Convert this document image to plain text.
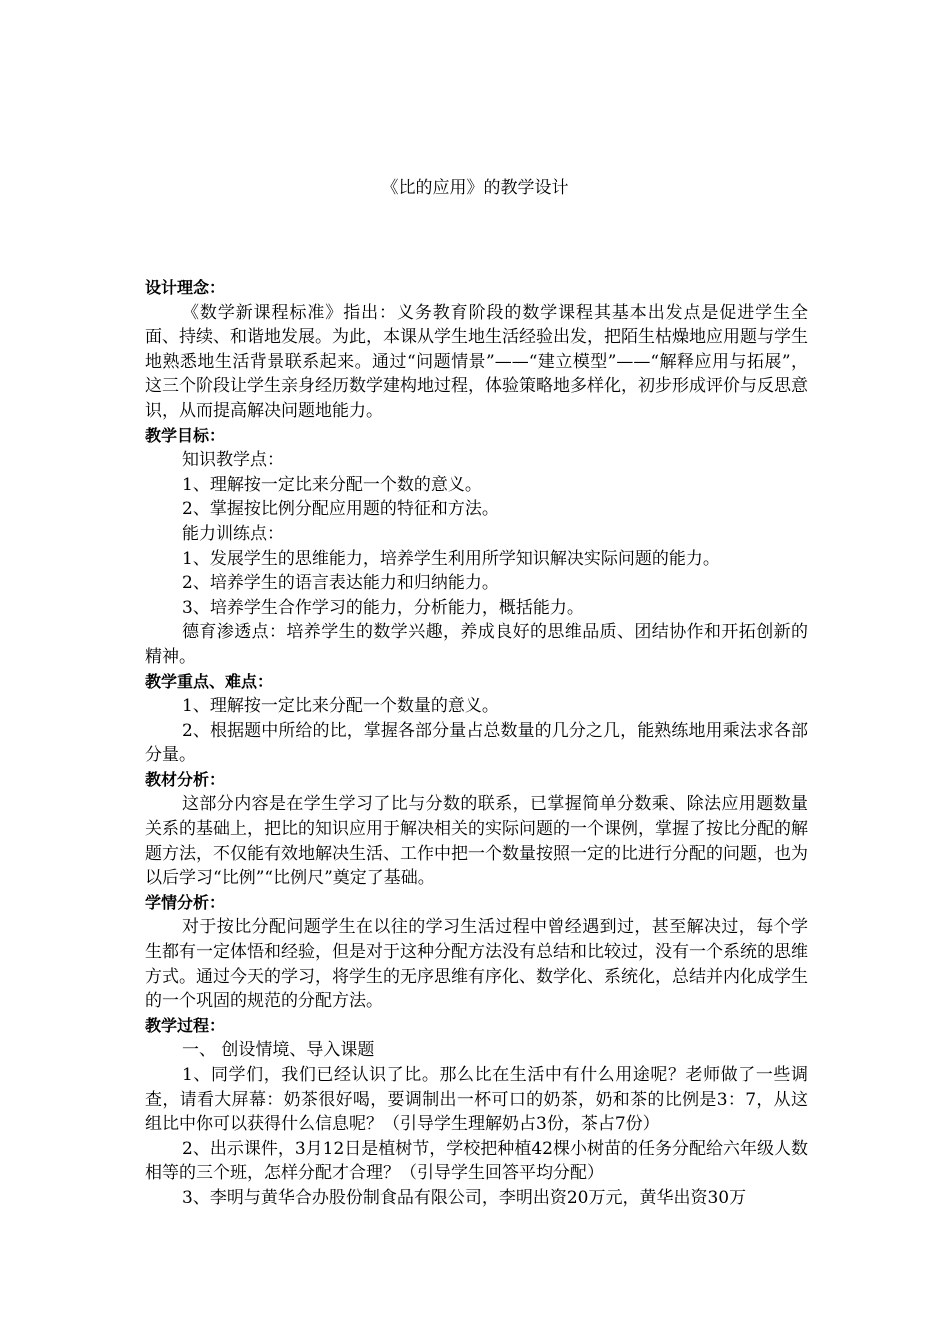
《比的应用》的教学设计

设计理念：

《数学新课程标准》指出：义务教育阶段的数学课程其基本出发点是促进学生全面、持续、和谐地发展。为此，本课从学生地生活经验出发，把陌生枯燥地应用题与学生地熟悉地生活背景联系起来。通过“问题情景”——“建立模型”——“解释应用与拓展”，这三个阶段让学生亲身经历数学建构地过程，体验策略地多样化，初步形成评价与反思意识，从而提高解决问题地能力。

教学目标：

知识教学点：

1、理解按一定比来分配一个数的意义。

2、掌握按比例分配应用题的特征和方法。

能力训练点：

1、发展学生的思维能力，培养学生利用所学知识解决实际问题的能力。

2、培养学生的语言表达能力和归纳能力。

3、培养学生合作学习的能力，分析能力，概括能力。

德育渗透点：培养学生的数学兴趣，养成良好的思维品质、团结协作和开拓创新的精神。

教学重点、难点：

1、理解按一定比来分配一个数量的意义。

2、根据题中所给的比，掌握各部分量占总数量的几分之几，能熟练地用乘法求各部分量。

教材分析：

这部分内容是在学生学习了比与分数的联系，已掌握简单分数乘、除法应用题数量关系的基础上，把比的知识应用于解决相关的实际问题的一个课例，掌握了按比分配的解题方法，不仅能有效地解决生活、工作中把一个数量按照一定的比进行分配的问题，也为以后学习“比例”“比例尺”奠定了基础。

学情分析：

对于按比分配问题学生在以往的学习生活过程中曾经遇到过，甚至解决过，每个学生都有一定体悟和经验，但是对于这种分配方法没有总结和比较过，没有一个系统的思维方式。通过今天的学习，将学生的无序思维有序化、数学化、系统化，总结并内化成学生的一个巩固的规范的分配方法。

教学过程：

一、 创设情境、导入课题

1、同学们，我们已经认识了比。那么比在生活中有什么用途呢？老师做了一些调查，请看大屏幕：奶茶很好喝，要调制出一杯可口的奶茶，奶和茶的比例是3：7，从这组比中你可以获得什么信息呢？（引导学生理解奶占3份，茶占7份）

2、出示课件，3月12日是植树节，学校把种植42棵小树苗的任务分配给六年级人数相等的三个班，怎样分配才合理？（引导学生回答平均分配）

3、李明与黄华合办股份制食品有限公司，李明出资20万元，黄华出资30万
